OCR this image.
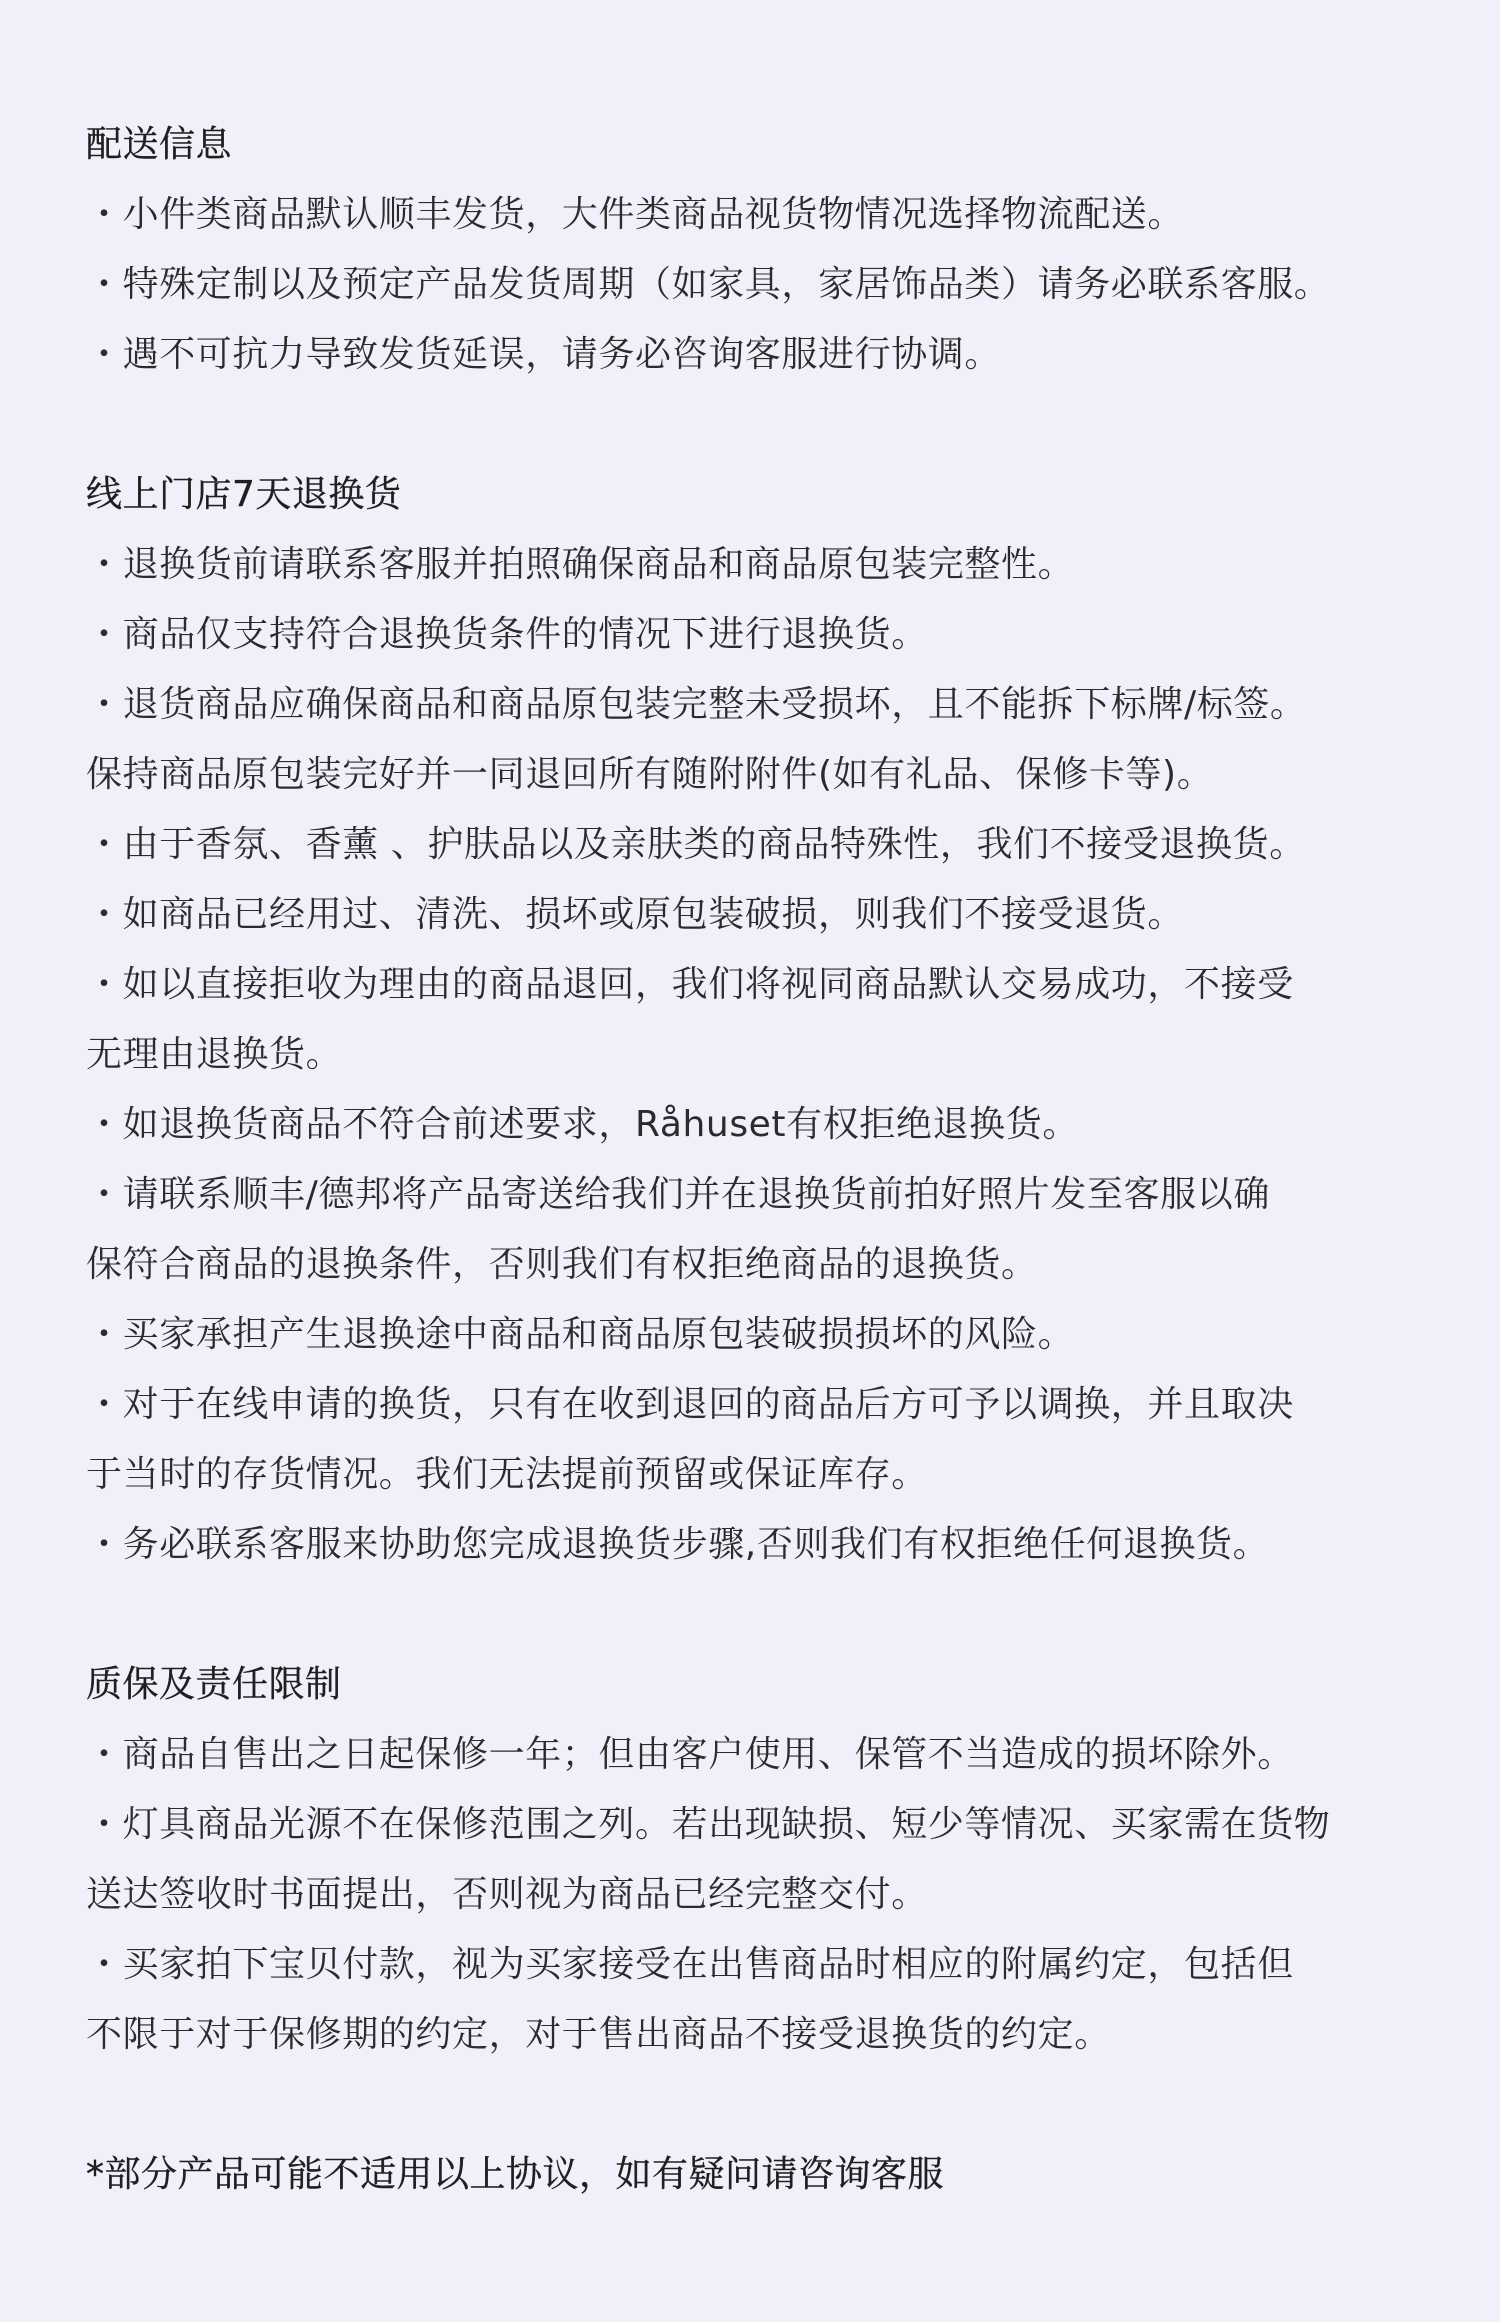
配送信息

・小件类商品默认顺丰发货，大件类商品视货物情况选择物流配送。

・特殊定制以及预定产品发货周期（如家具，家居饰品类）请务必联系客服。

・遇不可抗力导致发货延误，请务必咨询客服进行协调。

线上门店7天退换货

・退换货前请联系客服并拍照确保商品和商品原包装完整性。

・商品仅支持符合退换货条件的情况下进行退换货。

・退货商品应确保商品和商品原包装完整未受损坏，且不能拆下标牌/标签。

保持商品原包装完好并一同退回所有随附附件(如有礼品、保修卡等)。

・由于香氛、香薰 、护肤品以及亲肤类的商品特殊性，我们不接受退换货。

・如商品已经用过、清洗、损坏或原包装破损，则我们不接受退货。

・如以直接拒收为理由的商品退回，我们将视同商品默认交易成功，不接受

无理由退换货。

・如退换货商品不符合前述要求，Råhuset有权拒绝退换货。

・请联系顺丰/德邦将产品寄送给我们并在退换货前拍好照片发至客服以确

保符合商品的退换条件，否则我们有权拒绝商品的退换货。

・买家承担产生退换途中商品和商品原包装破损损坏的风险。

・对于在线申请的换货，只有在收到退回的商品后方可予以调换，并且取决

于当时的存货情况。我们无法提前预留或保证库存。

・务必联系客服来协助您完成退换货步骤,否则我们有权拒绝任何退换货。

质保及责任限制

・商品自售出之日起保修一年；但由客户使用、保管不当造成的损坏除外。

・灯具商品光源不在保修范围之列。若出现缺损、短少等情况、买家需在货物

送达签收时书面提出，否则视为商品已经完整交付。

・买家拍下宝贝付款，视为买家接受在出售商品时相应的附属约定，包括但

不限于对于保修期的约定，对于售出商品不接受退换货的约定。

*部分产品可能不适用以上协议，如有疑问请咨询客服
